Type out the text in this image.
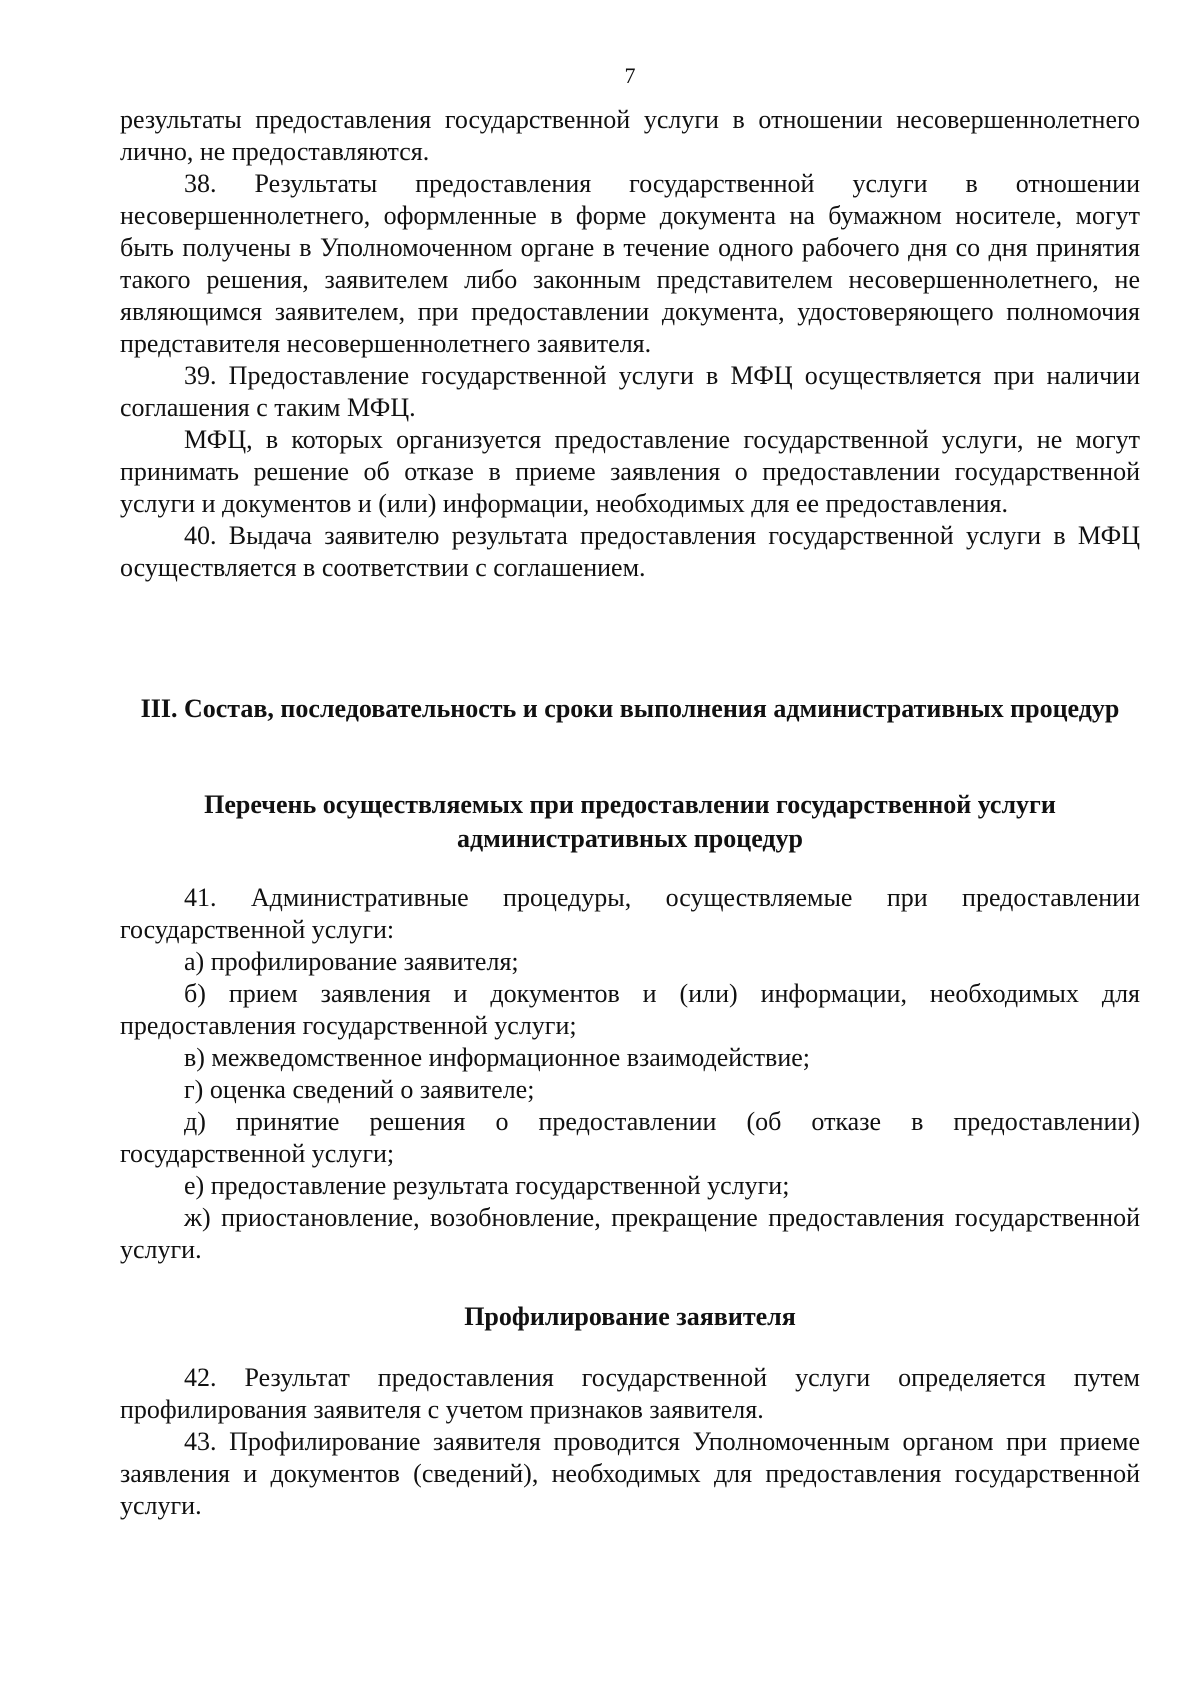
7

результаты предоставления государственной услуги в отношении несовершеннолетнего лично, не предоставляются.

38. Результаты предоставления государственной услуги в отношении несовершеннолетнего, оформленные в форме документа на бумажном носителе, могут быть получены в Уполномоченном органе в течение одного рабочего дня со дня принятия такого решения, заявителем либо законным представителем несовершеннолетнего, не являющимся заявителем, при предоставлении документа, удостоверяющего полномочия представителя несовершеннолетнего заявителя.

39. Предоставление государственной услуги в МФЦ осуществляется при наличии соглашения с таким МФЦ.

МФЦ, в которых организуется предоставление государственной услуги, не могут принимать решение об отказе в приеме заявления о предоставлении государственной услуги и документов и (или) информации, необходимых для ее предоставления.

40. Выдача заявителю результата предоставления государственной услуги в МФЦ осуществляется в соответствии с соглашением.

III. Состав, последовательность и сроки выполнения административных процедур
Перечень осуществляемых при предоставлении государственной услуги административных процедур

41. Административные процедуры, осуществляемые при предоставлении государственной услуги:

а) профилирование заявителя;

б) прием заявления и документов и (или) информации, необходимых для предоставления государственной услуги;

в) межведомственное информационное взаимодействие;

г) оценка сведений о заявителе;

д) принятие решения о предоставлении (об отказе в предоставлении) государственной услуги;

е) предоставление результата государственной услуги;

ж) приостановление, возобновление, прекращение предоставления государственной услуги.

Профилирование заявителя

42. Результат предоставления государственной услуги определяется путем профилирования заявителя с учетом признаков заявителя.

43. Профилирование заявителя проводится Уполномоченным органом при приеме заявления и документов (сведений), необходимых для предоставления государственной услуги.
